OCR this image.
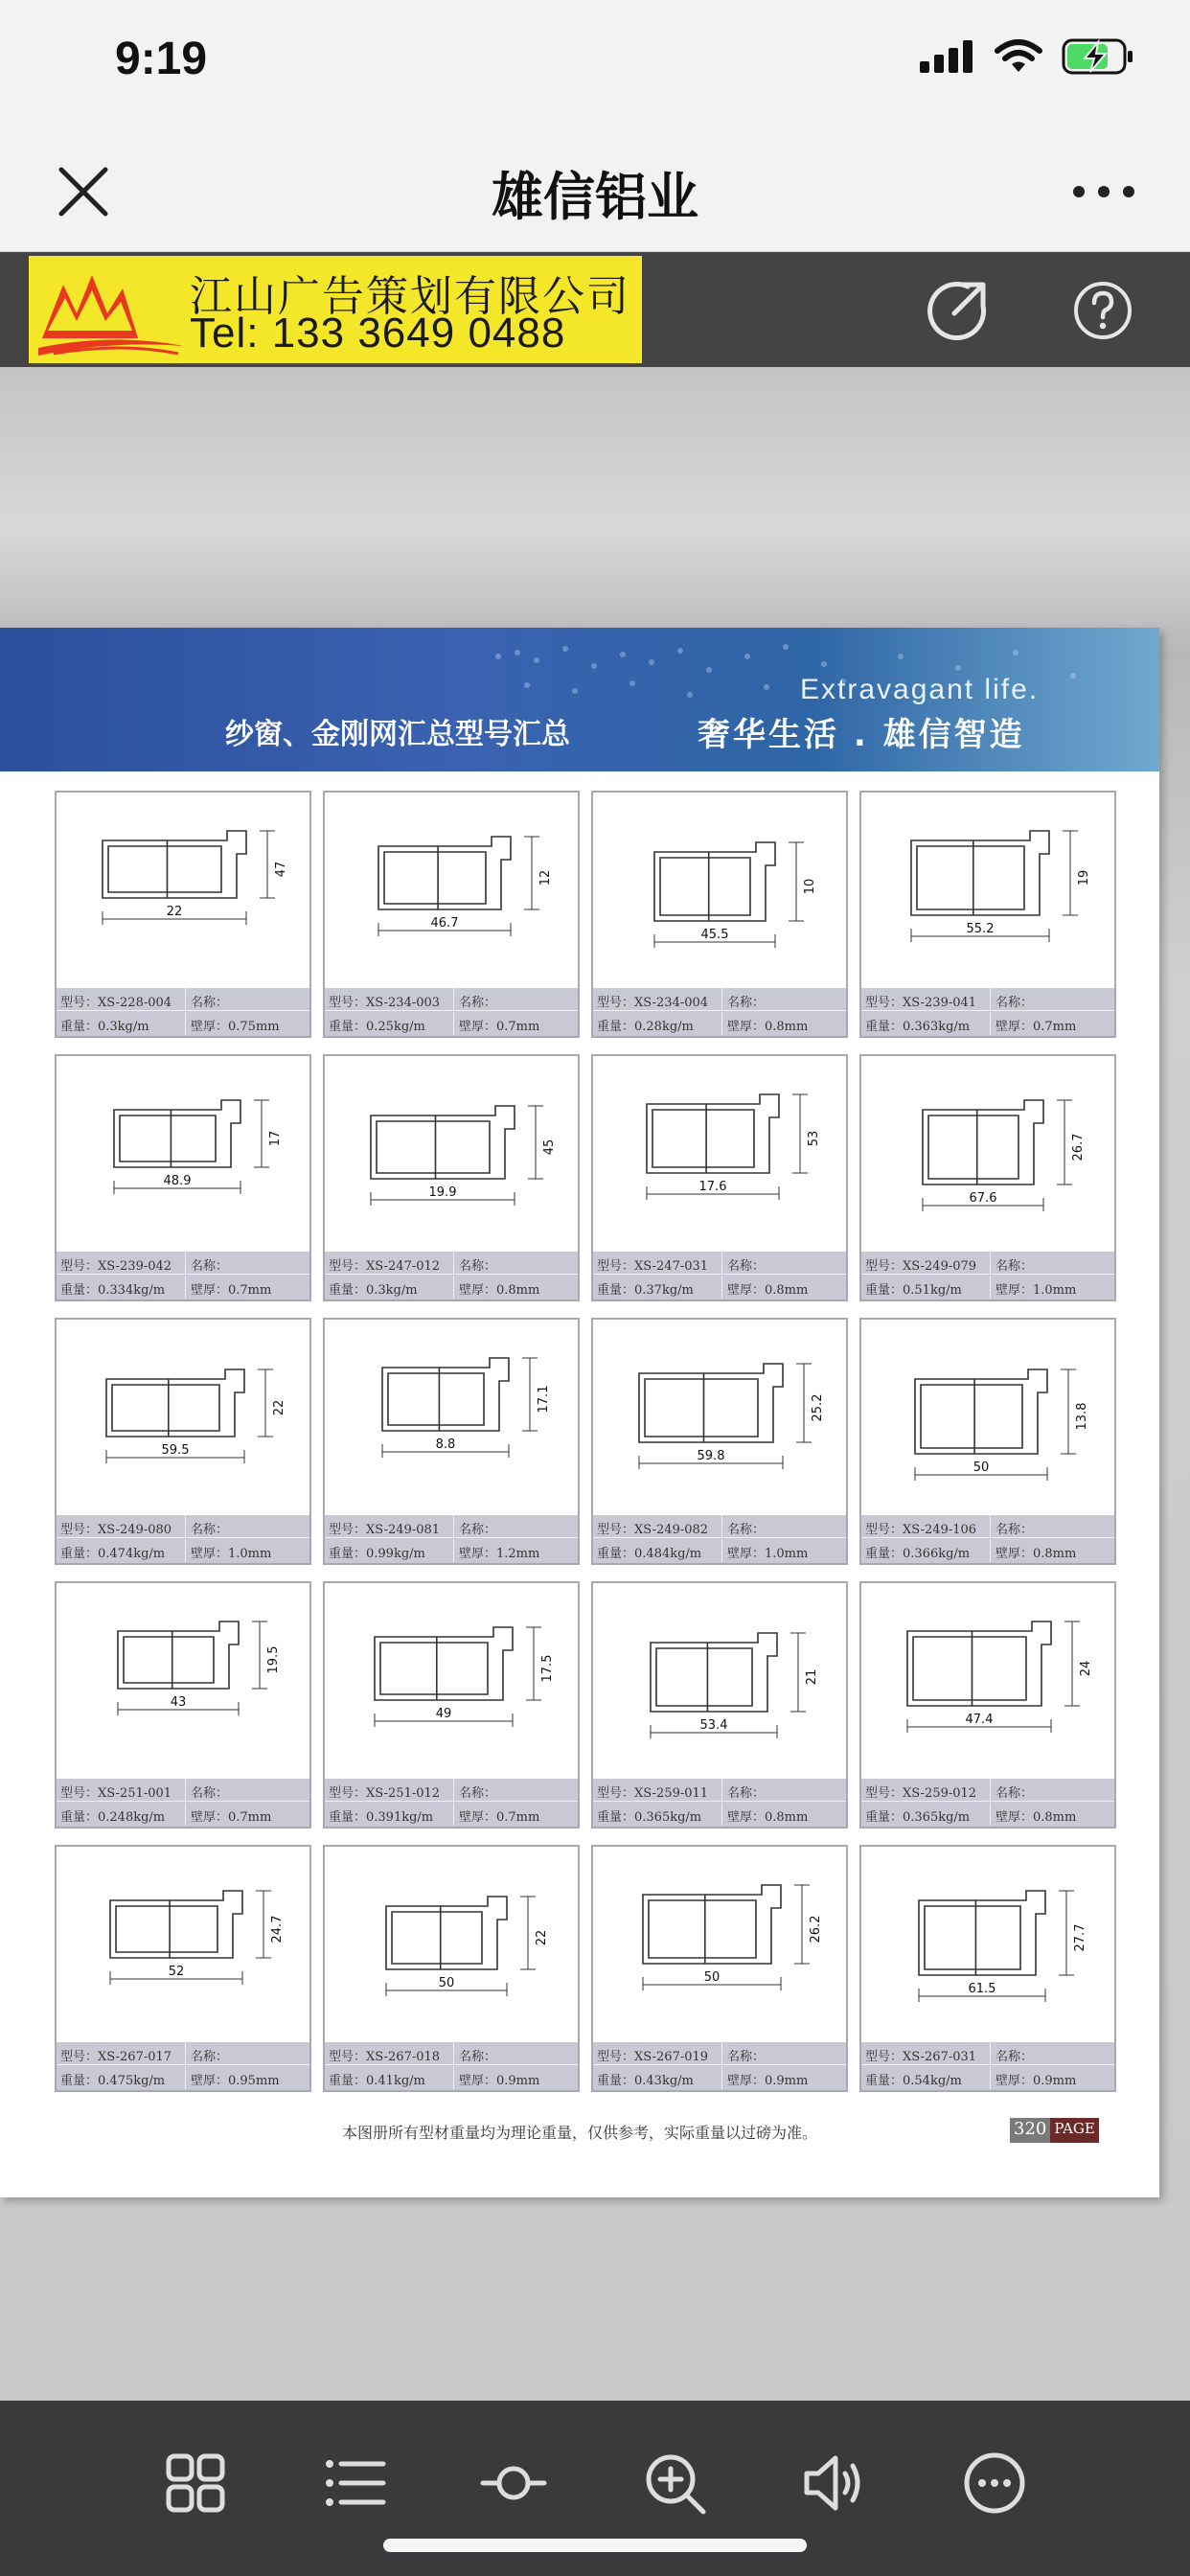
9:19
雄信铝业
江山广告策划有限公司
Tel: 133 3649 0488
纱窗、金刚网汇总型号汇总
Extravagant life.
奢华生活 . 雄信智造
22
47
型号：XS-228-004 名称：
重量：0.3kg/m	壁厚：0.75mm
46.7
12
型号：XS-234-003 名称：
重量：0.25kg/m	壁厚：0.7mm
45.5
10
型号：XS-234-004 名称：
重量：0.28kg/m	壁厚：0.8mm
55.2
19
型号：XS-239-041 名称：
重量：0.363kg/m 壁厚：0.7mm
48.9
17
型号：XS-239-042 名称：
重量：0.334kg/m 壁厚：0.7mm
19.9
45
型号：XS-247-012 名称：
重量：0.3kg/m	壁厚：0.8mm
17.6
53
型号：XS-247-031 名称：
重量：0.37kg/m	壁厚：0.8mm
67.6
26.7
型号：XS-249-079 名称：
重量：0.51kg/m	壁厚：1.0mm
59.5
22
型号：XS-249-080 名称：
重量：0.474kg/m 壁厚：1.0mm
8.8
17.1
型号：XS-249-081 名称：
重量：0.99kg/m	壁厚：1.2mm
59.8
25.2
型号：XS-249-082 名称：
重量：0.484kg/m 壁厚：1.0mm
50
13.8
型号：XS-249-106 名称：
重量：0.366kg/m 壁厚：0.8mm
43
19.5
型号：XS-251-001 名称：
重量：0.248kg/m 壁厚：0.7mm
49
17.5
型号：XS-251-012 名称：
重量：0.391kg/m 壁厚：0.7mm
53.4
21
型号：XS-259-011 名称：
重量：0.365kg/m 壁厚：0.8mm
47.4
24
型号：XS-259-012 名称：
重量：0.365kg/m 壁厚：0.8mm
52
24.7
型号：XS-267-017 名称：
重量：0.475kg/m 壁厚：0.95mm
50
22
型号：XS-267-018 名称：
重量：0.41kg/m	壁厚：0.9mm
50
26.2
型号：XS-267-019 名称：
重量：0.43kg/m	壁厚：0.9mm
61.5
27.7
型号：XS-267-031 名称：
重量：0.54kg/m	壁厚：0.9mm
本图册所有型材重量均为理论重量，仅供参考，实际重量以过磅为准。	320 PAGE
